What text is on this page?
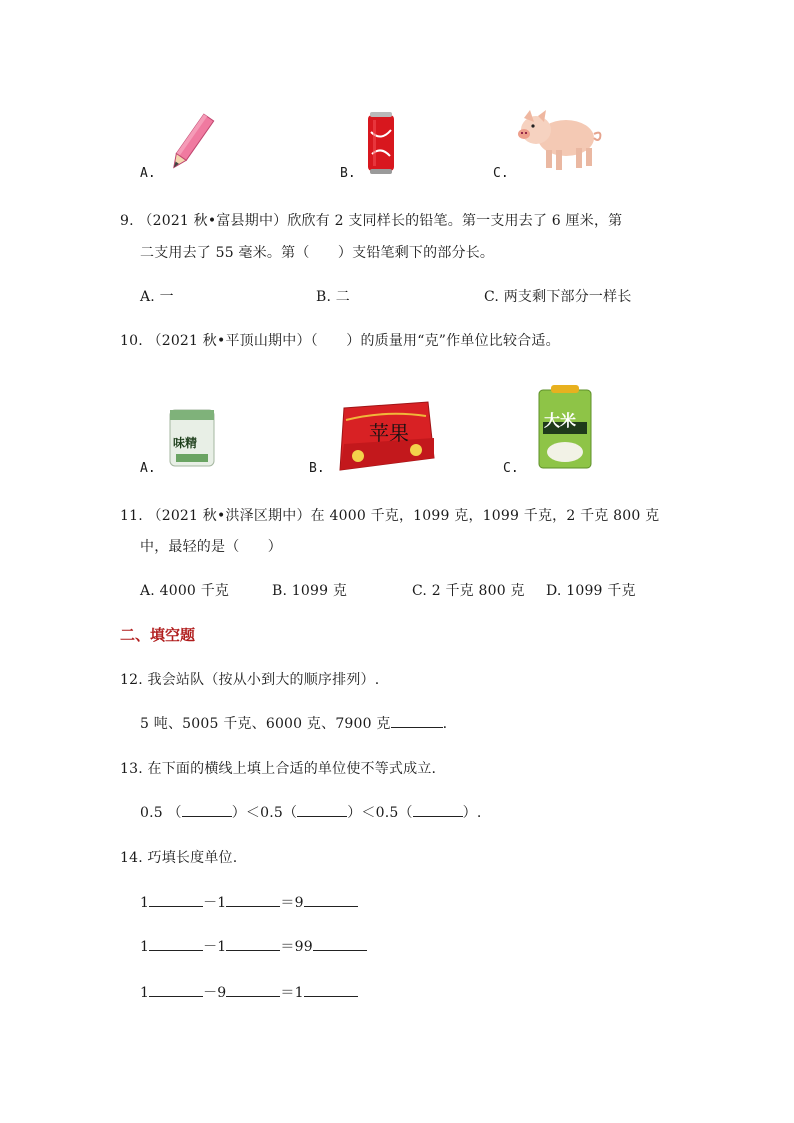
A.	B.	C.
9. （2021 秋•富县期中）欣欣有 2 支同样长的铅笔。第一支用去了 6 厘米，第
二支用去了 55 毫米。第（　　）支铅笔剩下的部分长。
A. 一	B. 二	C. 两支剩下部分一样长
10. （2021 秋•平顶山期中）（　　）的质量用“克”作单位比较合适。
味精
A.
苹果
B.
大米
C.
11. （2021 秋•洪泽区期中）在 4000 千克，1099 克，1099 千克，2 千克 800 克
中，最轻的是（　　）
A. 4000 千克	B. 1099 克	C. 2 千克 800 克 D. 1099 千克
二、填空题
12. 我会站队（按从小到大的顺序排列）.
5 吨、5005 千克、6000 克、7900 克	.
13. 在下面的横线上填上合适的单位使不等式成立.
0.5 （	）＜0.5（	）＜0.5（	）.
14. 巧填长度单位.
1	－1	＝9
1	－1	＝99
1	－9	＝1
